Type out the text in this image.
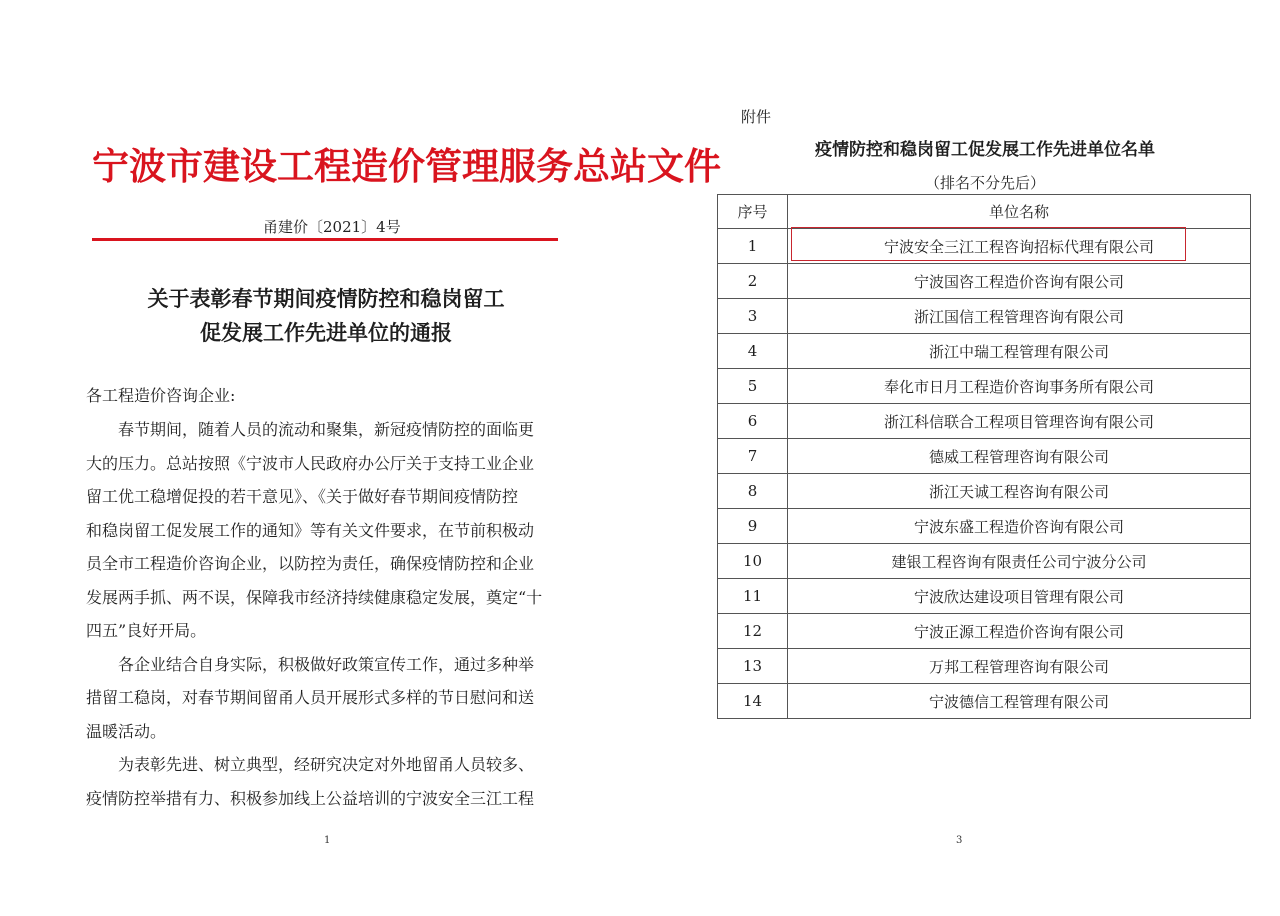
宁波市建设工程造价管理服务总站文件
甬建价〔2021〕4号
关于表彰春节期间疫情防控和稳岗留工
促发展工作先进单位的通报
各工程造价咨询企业:
　　春节期间，随着人员的流动和聚集，新冠疫情防控的面临更
大的压力。总站按照《宁波市人民政府办公厅关于支持工业企业
留工优工稳增促投的若干意见》、《关于做好春节期间疫情防控
和稳岗留工促发展工作的通知》等有关文件要求，在节前积极动
员全市工程造价咨询企业，以防控为责任，确保疫情防控和企业
发展两手抓、两不误，保障我市经济持续健康稳定发展，奠定“十
四五”良好开局。
　　各企业结合自身实际，积极做好政策宣传工作，通过多种举
措留工稳岗，对春节期间留甬人员开展形式多样的节日慰问和送
温暖活动。
　　为表彰先进、树立典型，经研究决定对外地留甬人员较多、
疫情防控举措有力、积极参加线上公益培训的宁波安全三江工程
1
附件
疫情防控和稳岗留工促发展工作先进单位名单
（排名不分先后）
序号	单位名称
1	宁波安全三江工程咨询招标代理有限公司
2	宁波国咨工程造价咨询有限公司
3	浙江国信工程管理咨询有限公司
4	浙江中瑞工程管理有限公司
5	奉化市日月工程造价咨询事务所有限公司
6	浙江科信联合工程项目管理咨询有限公司
7	德威工程管理咨询有限公司
8	浙江天诚工程咨询有限公司
9	宁波东盛工程造价咨询有限公司
10	建银工程咨询有限责任公司宁波分公司
11	宁波欣达建设项目管理有限公司
12	宁波正源工程造价咨询有限公司
13	万邦工程管理咨询有限公司
14	宁波德信工程管理有限公司
3
